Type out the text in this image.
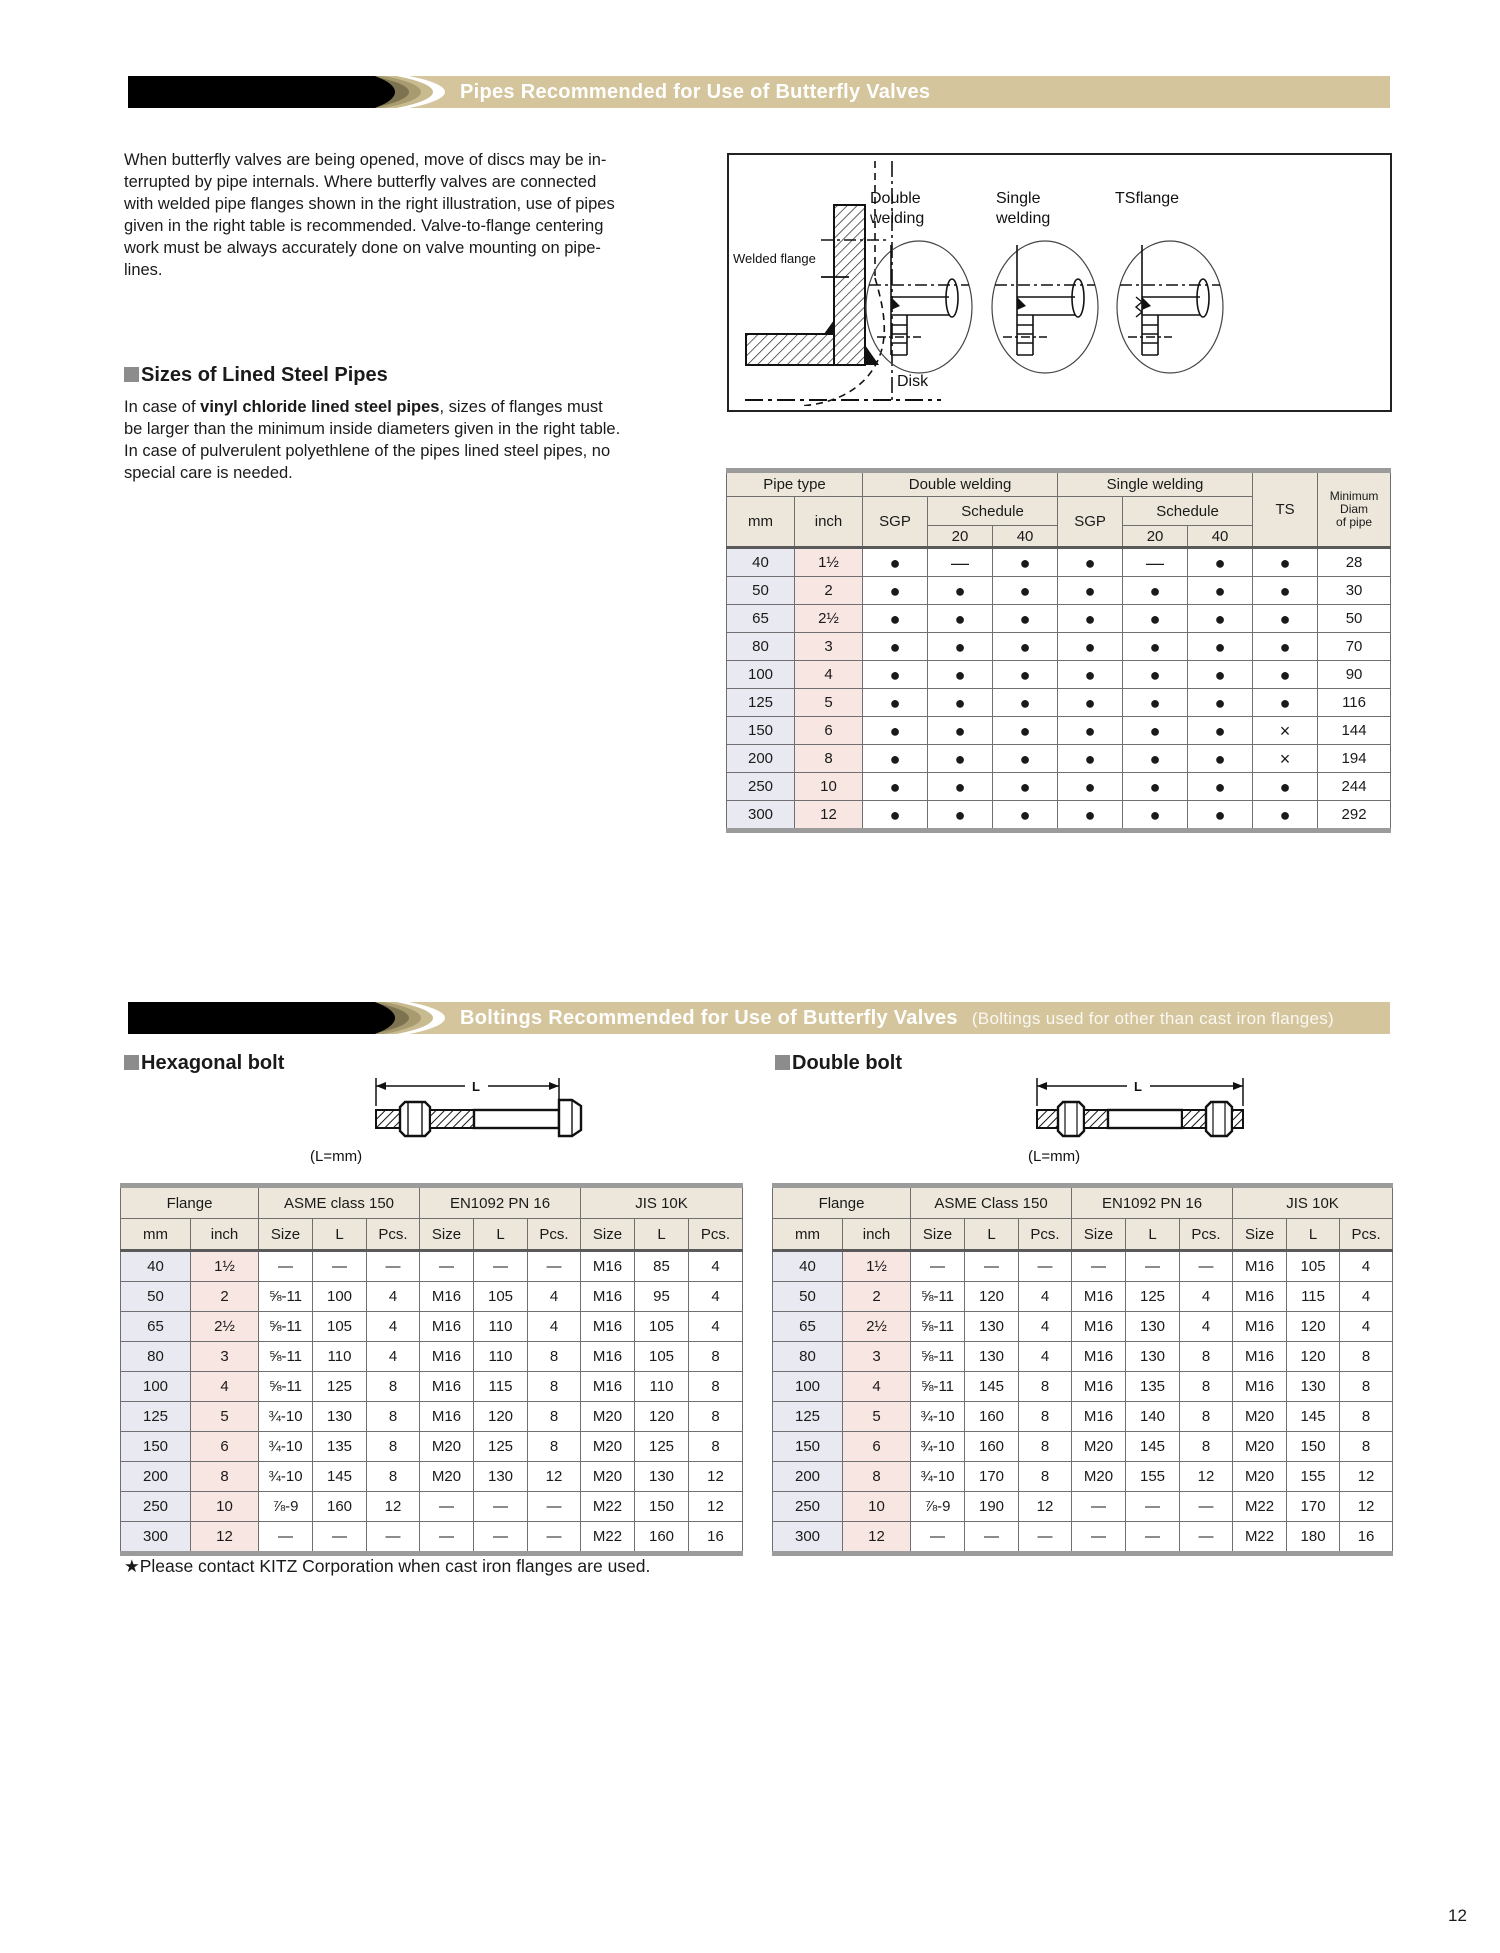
Pipes Recommended for Use of Butterfly Valves
When butterfly valves are being opened, move of discs may be in-
terrupted by pipe internals. Where butterfly valves are connected
with welded pipe flanges shown in the right illustration, use of pipes
given in the right table is recommended. Valve-to-flange centering
work must be always accurately done on valve mounting on pipe-
lines.
Welded flange
Disk
Double
welding
Single
welding
TSflange
Sizes of Lined Steel Pipes
In case of vinyl chloride lined steel pipes, sizes of flanges must
be larger than the minimum inside diameters given in the right table.
In case of pulverulent polyethlene of the pipes lined steel pipes, no
special care is needed.
Pipe type		Double welding			Single welding			TS	Minimum
Diam
of pipe

mm	inch	SGP	Schedule		SGP	Schedule			
			20	40		20	40		
40	1½	●	—	●	●	—	●	●	28
50	2	●	●	●	●	●	●	●	30
65	2½	●	●	●	●	●	●	●	50
80	3	●	●	●	●	●	●	●	70
100	4	●	●	●	●	●	●	●	90
125	5	●	●	●	●	●	●	●	116
150	6	●	●	●	●	●	●	×	144
200	8	●	●	●	●	●	●	×	194
250	10	●	●	●	●	●	●	●	244
300	12	●	●	●	●	●	●	●	292
Boltings Recommended for Use of Butterfly Valves (Boltings used for other than cast iron flanges)
Hexagonal bolt	Double bolt
L
(L=mm)
L
(L=mm)
Flange		ASME class 150			EN1092 PN 16			JIS 10K		
mm	inch	Size	L	Pcs.	Size	L	Pcs.	Size	L	Pcs.
40	1½	—	—	—	—	—	—	M16	85	4
50	2	⅝-11	100	4	M16	105	4	M16	95	4
65	2½	⅝-11	105	4	M16	110	4	M16	105	4
80	3	⅝-11	110	4	M16	110	8	M16	105	8
100	4	⅝-11	125	8	M16	115	8	M16	110	8
125	5	¾-10	130	8	M16	120	8	M20	120	8
150	6	¾-10	135	8	M20	125	8	M20	125	8
200	8	¾-10	145	8	M20	130	12	M20	130	12
250	10	⅞-9	160	12	—	—	—	M22	150	12
300	12	—	—	—	—	—	—	M22	160	16
Flange		ASME Class 150			EN1092 PN 16			JIS 10K		
mm	inch	Size	L	Pcs.	Size	L	Pcs.	Size	L	Pcs.
40	1½	—	—	—	—	—	—	M16	105	4
50	2	⅝-11	120	4	M16	125	4	M16	115	4
65	2½	⅝-11	130	4	M16	130	4	M16	120	4
80	3	⅝-11	130	4	M16	130	8	M16	120	8
100	4	⅝-11	145	8	M16	135	8	M16	130	8
125	5	¾-10	160	8	M16	140	8	M20	145	8
150	6	¾-10	160	8	M20	145	8	M20	150	8
200	8	¾-10	170	8	M20	155	12	M20	155	12
250	10	⅞-9	190	12	—	—	—	M22	170	12
300	12	—	—	—	—	—	—	M22	180	16
★Please contact KITZ Corporation when cast iron flanges are used.
12
